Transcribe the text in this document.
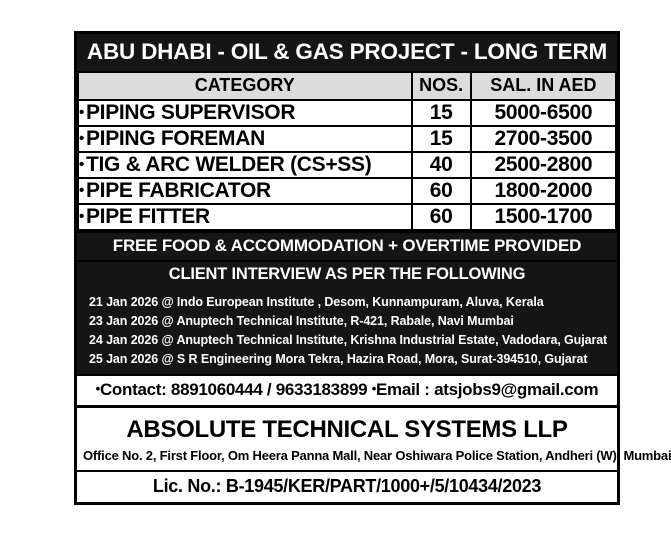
ABU DHABI - OIL & GAS PROJECT - LONG TERM
CATEGORY	NOS.	SAL. IN AED
•PIPING SUPERVISOR	15	5000-6500
•PIPING FOREMAN	15	2700-3500
•TIG & ARC WELDER (CS+SS)	40	2500-2800
•PIPE FABRICATOR	60	1800-2000
•PIPE FITTER	60	1500-1700
FREE FOOD & ACCOMMODATION + OVERTIME PROVIDED
CLIENT INTERVIEW AS PER THE FOLLOWING
21 Jan 2026 @ Indo European Institute , Desom, Kunnampuram, Aluva, Kerala
23 Jan 2026 @ Anuptech Technical Institute, R-421, Rabale, Navi Mumbai
24 Jan 2026 @ Anuptech Technical Institute, Krishna Industrial Estate, Vadodara, Gujarat
25 Jan 2026 @ S R Engineering Mora Tekra, Hazira Road, Mora, Surat-394510, Gujarat
•Contact: 8891060444 / 9633183899 •Email : atsjobs9@gmail.com
ABSOLUTE TECHNICAL SYSTEMS LLP
Office No. 2, First Floor, Om Heera Panna Mall, Near Oshiwara Police Station, Andheri (W), Mumbai
Lic. No.: B-1945/KER/PART/1000+/5/10434/2023
